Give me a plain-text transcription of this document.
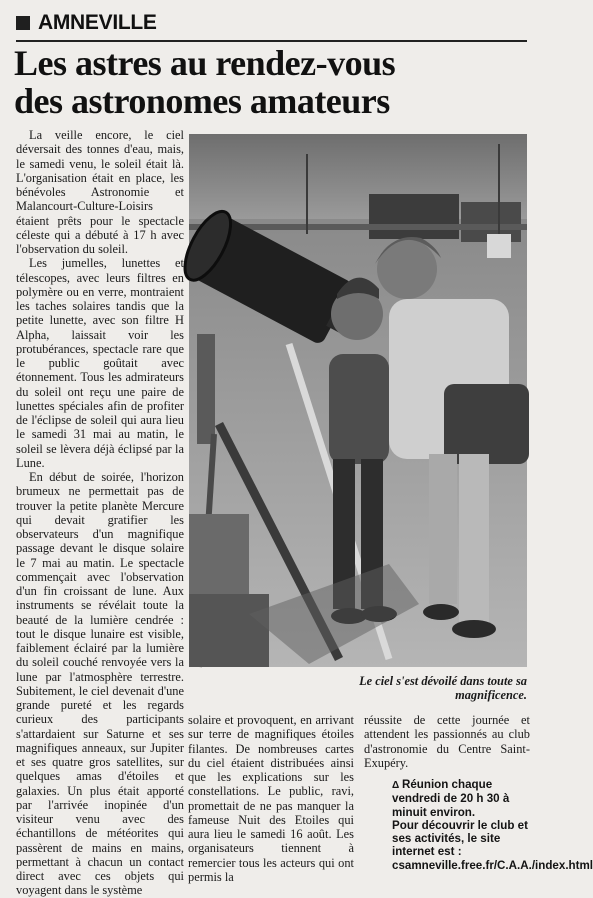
AMNEVILLE
Les astres au rendez-vous
des astronomes amateurs

La veille encore, le ciel déversait des tonnes d'eau, mais, le samedi venu, le soleil était là. L'organisation était en place, les bénévoles Astronomie et Malancourt-Culture-Loisirs étaient prêts pour le spectacle céleste qui a débuté à 17 h avec l'observation du soleil.

Les jumelles, lunettes et télescopes, avec leurs filtres en polymère ou en verre, montraient les taches solaires tandis que la petite lunette, avec son filtre H Alpha, laissait voir les protubérances, spectacle rare que le public goûtait avec étonnement. Tous les admirateurs du soleil ont reçu une paire de lunettes spéciales afin de profiter de l'éclipse de soleil qui aura lieu le samedi 31 mai au matin, le soleil se lèvera déjà éclipsé par la Lune.

En début de soirée, l'horizon brumeux ne permettait pas de trouver la petite planète Mercure qui devait gratifier les observateurs d'un magnifique passage devant le disque solaire le 7 mai au matin. Le spectacle commençait avec l'observation d'un fin croissant de lune. Aux instruments se révélait toute la beauté de la lumière cendrée : tout le disque lunaire est visible, faiblement éclairé par la lumière du soleil couché renvoyée vers la lune par l'atmosphère terrestre. Subitement, le ciel devenait d'une grande pureté et les regards curieux des participants s'attardaient sur Saturne et ses magnifiques anneaux, sur Jupiter et ses quatre gros satellites, sur quelques amas d'étoiles et galaxies. Un plus était apporté par l'arrivée inopinée d'un visiteur venu avec des échantillons de météorites qui passèrent de mains en mains, permettant à chacun un contact direct avec ces objets qui voyagent dans le système

Le ciel s'est dévoilé dans toute sa magnificence.

solaire et provoquent, en arrivant sur terre de magnifiques étoiles filantes. De nombreuses cartes du ciel étaient distribuées ainsi que les explications sur les constellations. Le public, ravi, promettait de ne pas manquer la fameuse Nuit des Etoiles qui aura lieu le samedi 16 août. Les organisateurs tiennent à remercier tous les acteurs qui ont permis la

réussite de cette journée et attendent les passionnés au club d'astronomie du Centre Saint-Exupéry.

Δ Réunion chaque vendredi de 20 h 30 à minuit environ.
Pour découvrir le club et ses activités, le site internet est : csamneville.free.fr/C.A.A./index.html
